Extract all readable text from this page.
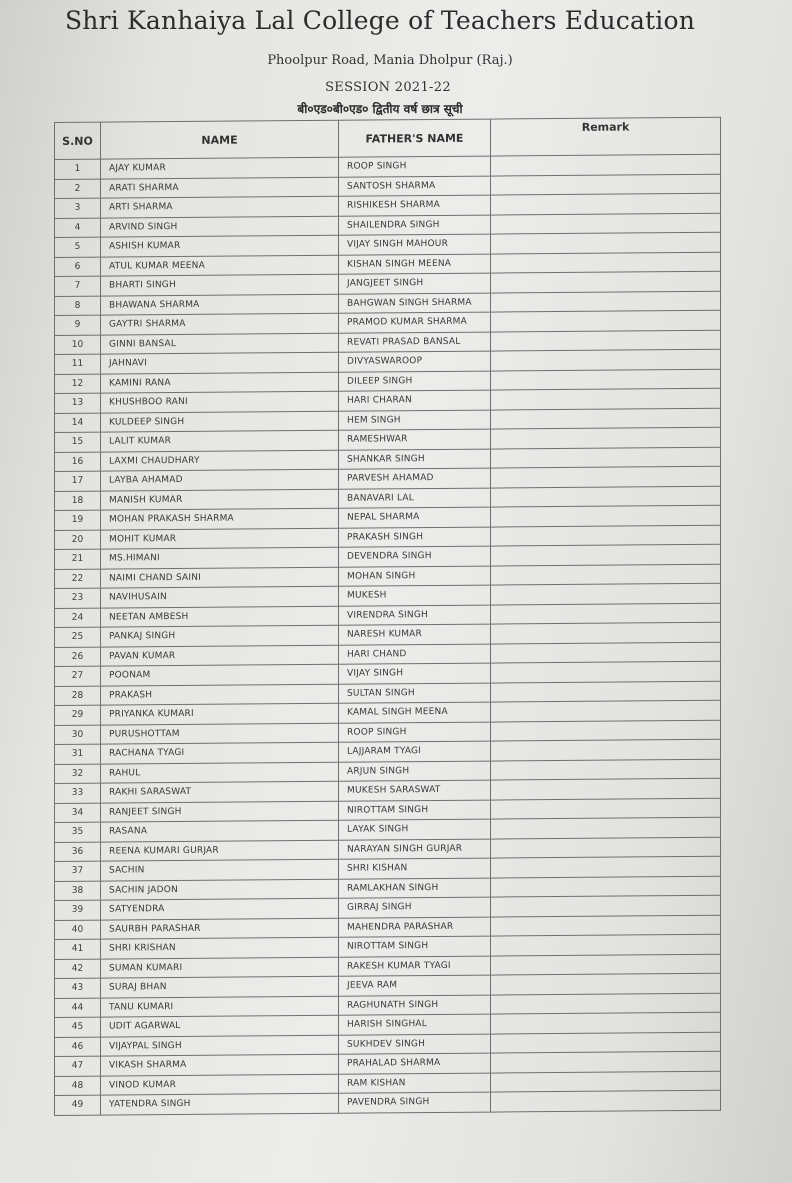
Shri Kanhaiya Lal College of Teachers Education
Phoolpur Road, Mania Dholpur (Raj.)
SESSION 2021-22
बी०एड०बी०एड० द्वितीय वर्ष छात्र सूची
S.NO	NAME	FATHER'S NAME	Remark
1	AJAY KUMAR	ROOP SINGH	
2	ARATI SHARMA	SANTOSH SHARMA	
3	ARTI SHARMA	RISHIKESH SHARMA	
4	ARVIND SINGH	SHAILENDRA SINGH	
5	ASHISH KUMAR	VIJAY SINGH MAHOUR	
6	ATUL KUMAR MEENA	KISHAN SINGH MEENA	
7	BHARTI SINGH	JANGJEET SINGH	
8	BHAWANA SHARMA	BAHGWAN SINGH SHARMA	
9	GAYTRI SHARMA	PRAMOD KUMAR SHARMA	
10	GINNI BANSAL	REVATI PRASAD BANSAL	
11	JAHNAVI	DIVYASWAROOP	
12	KAMINI RANA	DILEEP SINGH	
13	KHUSHBOO RANI	HARI CHARAN	
14	KULDEEP SINGH	HEM SINGH	
15	LALIT KUMAR	RAMESHWAR	
16	LAXMI CHAUDHARY	SHANKAR SINGH	
17	LAYBA AHAMAD	PARVESH AHAMAD	
18	MANISH KUMAR	BANAVARI LAL	
19	MOHAN PRAKASH SHARMA	NEPAL SHARMA	
20	MOHIT KUMAR	PRAKASH SINGH	
21	MS.HIMANI	DEVENDRA SINGH	
22	NAIMI CHAND SAINI	MOHAN SINGH	
23	NAVIHUSAIN	MUKESH	
24	NEETAN AMBESH	VIRENDRA SINGH	
25	PANKAJ SINGH	NARESH KUMAR	
26	PAVAN KUMAR	HARI CHAND	
27	POONAM	VIJAY SINGH	
28	PRAKASH	SULTAN SINGH	
29	PRIYANKA KUMARI	KAMAL SINGH MEENA	
30	PURUSHOTTAM	ROOP SINGH	
31	RACHANA TYAGI	LAJJARAM TYAGI	
32	RAHUL	ARJUN SINGH	
33	RAKHI SARASWAT	MUKESH SARASWAT	
34	RANJEET SINGH	NIROTTAM SINGH	
35	RASANA	LAYAK SINGH	
36	REENA KUMARI GURJAR	NARAYAN SINGH GURJAR	
37	SACHIN	SHRI KISHAN	
38	SACHIN JADON	RAMLAKHAN SINGH	
39	SATYENDRA	GIRRAJ SINGH	
40	SAURBH PARASHAR	MAHENDRA PARASHAR	
41	SHRI KRISHAN	NIROTTAM SINGH	
42	SUMAN KUMARI	RAKESH KUMAR TYAGI	
43	SURAJ BHAN	JEEVA RAM	
44	TANU KUMARI	RAGHUNATH SINGH	
45	UDIT AGARWAL	HARISH SINGHAL	
46	VIJAYPAL SINGH	SUKHDEV SINGH	
47	VIKASH SHARMA	PRAHALAD SHARMA	
48	VINOD KUMAR	RAM KISHAN	
49	YATENDRA SINGH	PAVENDRA SINGH	
